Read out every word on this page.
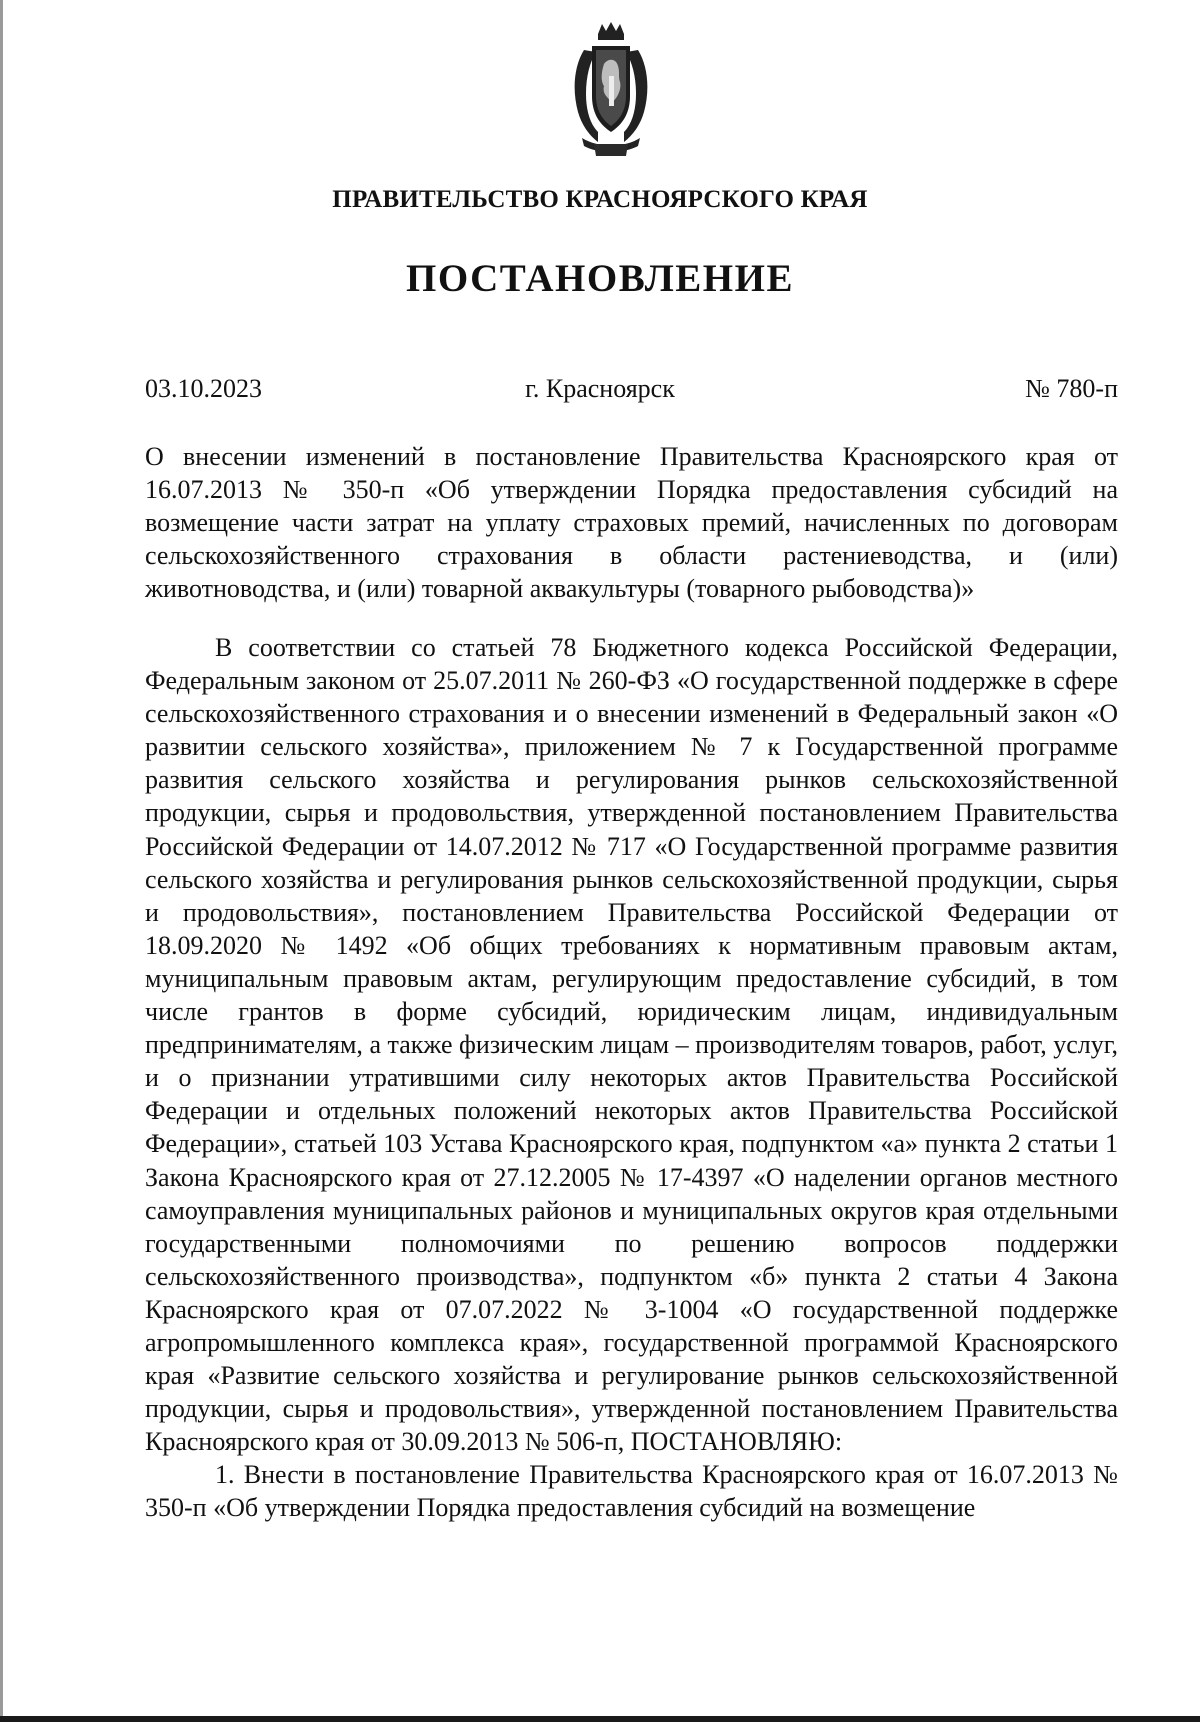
ПРАВИТЕЛЬСТВО КРАСНОЯРСКОГО КРАЯ
ПОСТАНОВЛЕНИЕ
03.10.2023	г. Красноярск	№ 780-п
О внесении изменений в постановление Правительства Красноярского края от 16.07.2013 № 350-п «Об утверждении Порядка предоставления субсидий на возмещение части затрат на уплату страховых премий, начисленных по договорам сельскохозяйственного страхования в области растениеводства, и (или) животноводства, и (или) товарной аквакультуры (товарного рыбоводства)»

В соответствии со статьей 78 Бюджетного кодекса Российской Федерации, Федеральным законом от 25.07.2011 № 260-ФЗ «О государственной поддержке в сфере сельскохозяйственного страхования и о внесении изменений в Федеральный закон «О развитии сельского хозяйства», приложением № 7 к Государственной программе развития сельского хозяйства и регулирования рынков сельскохозяйственной продукции, сырья и продовольствия, утвержденной постановлением Правительства Российской Федерации от 14.07.2012 № 717 «О Государственной программе развития сельского хозяйства и регулирования рынков сельскохозяйственной продукции, сырья и продовольствия», постановлением Правительства Российской Федерации от 18.09.2020 № 1492 «Об общих требованиях к нормативным правовым актам, муниципальным правовым актам, регулирующим предоставление субсидий, в том числе грантов в форме субсидий, юридическим лицам, индивидуальным предпринимателям, а также физическим лицам – производителям товаров, работ, услуг, и о признании утратившими силу некоторых актов Правительства Российской Федерации и отдельных положений некоторых актов Правительства Российской Федерации», статьей 103 Устава Красноярского края, подпунктом «а» пункта 2 статьи 1 Закона Красноярского края от 27.12.2005 № 17-4397 «О наделении органов местного самоуправления муниципальных районов и муниципальных округов края отдельными государственными полномочиями по решению вопросов поддержки сельскохозяйственного производства», подпунктом «б» пункта 2 статьи 4 Закона Красноярского края от 07.07.2022 № 3-1004 «О государственной поддержке агропромышленного комплекса края», государственной программой Красноярского края «Развитие сельского хозяйства и регулирование рынков сельскохозяйственной продукции, сырья и продовольствия», утвержденной постановлением Правительства Красноярского края от 30.09.2013 № 506-п, ПОСТАНОВЛЯЮ:

1. Внести в постановление Правительства Красноярского края от 16.07.2013 № 350-п «Об утверждении Порядка предоставления субсидий на возмещение
